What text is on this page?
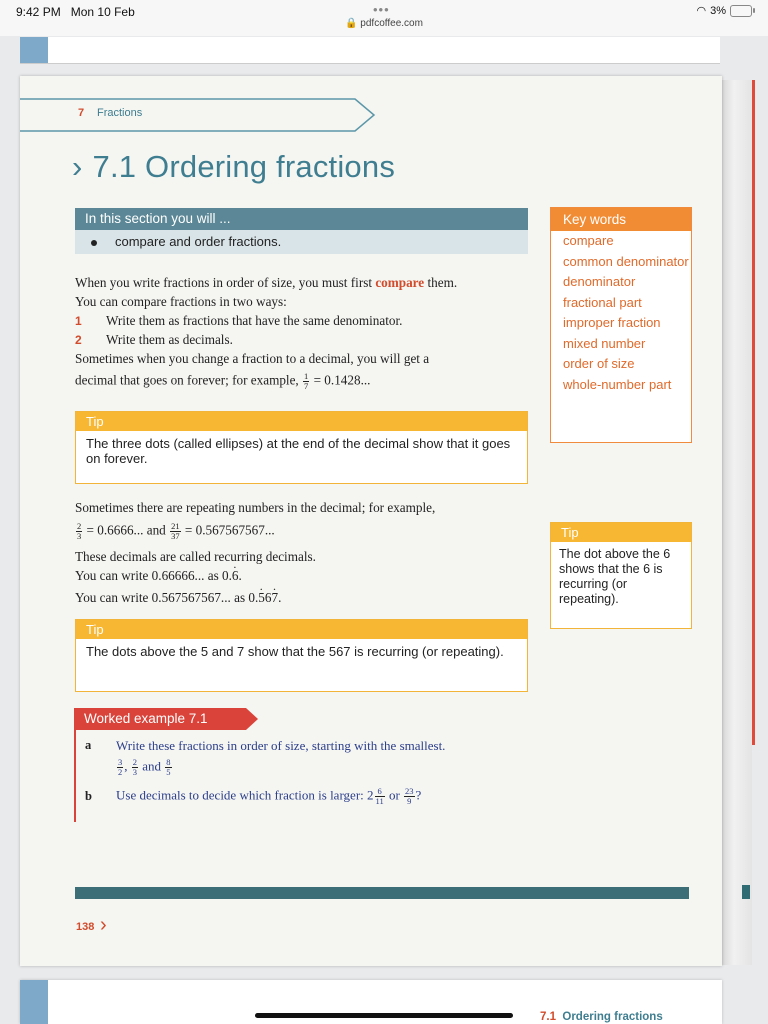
9:42 PM Mon 10 Feb	•••
🔒 pdfcoffee.com
◠ 3%
7 Fractions
› 7.1 Ordering fractions
In this section you will ...
compare and order fractions.
When you write fractions in order of size, you must first compare them.
You can compare fractions in two ways:
1 Write them as fractions that have the same denominator.
2 Write them as decimals.
Sometimes when you change a fraction to a decimal, you will get a
decimal that goes on forever; for example, $\frac{1}{7} = 0.1428$...
Tip
The three dots (called ellipses) at the end of the decimal show that it goes on forever.
Sometimes there are repeating numbers in the decimal; for example,
$\frac{2}{3} = 0.6666$... and $\frac{21}{37} = 0.567567567$...
These decimals are called recurring decimals.
You can write 0.66666... as 0.· 6.
You can write 0.567567567... as 0.· 56· 7.
Tip
The dots above the 5 and 7 show that the 567 is recurring (or repeating).
Key words
compare
common denominator
denominator
fractional part
improper fraction
mixed number
order of size
whole-number part
Tip
The dot above the 6 shows that the 6 is recurring (or repeating).
Worked example 7.1
a Write these fractions in order of size, starting with the smallest.
$\frac{3}{2}$ , $\frac{2}{3}$ and $\frac{8}{5}$
b Use decimals to decide which fraction is larger: $2 \frac{6}{11}$ or $\frac{23}{9}$ ?
138 ›
7.1 Ordering fractions
